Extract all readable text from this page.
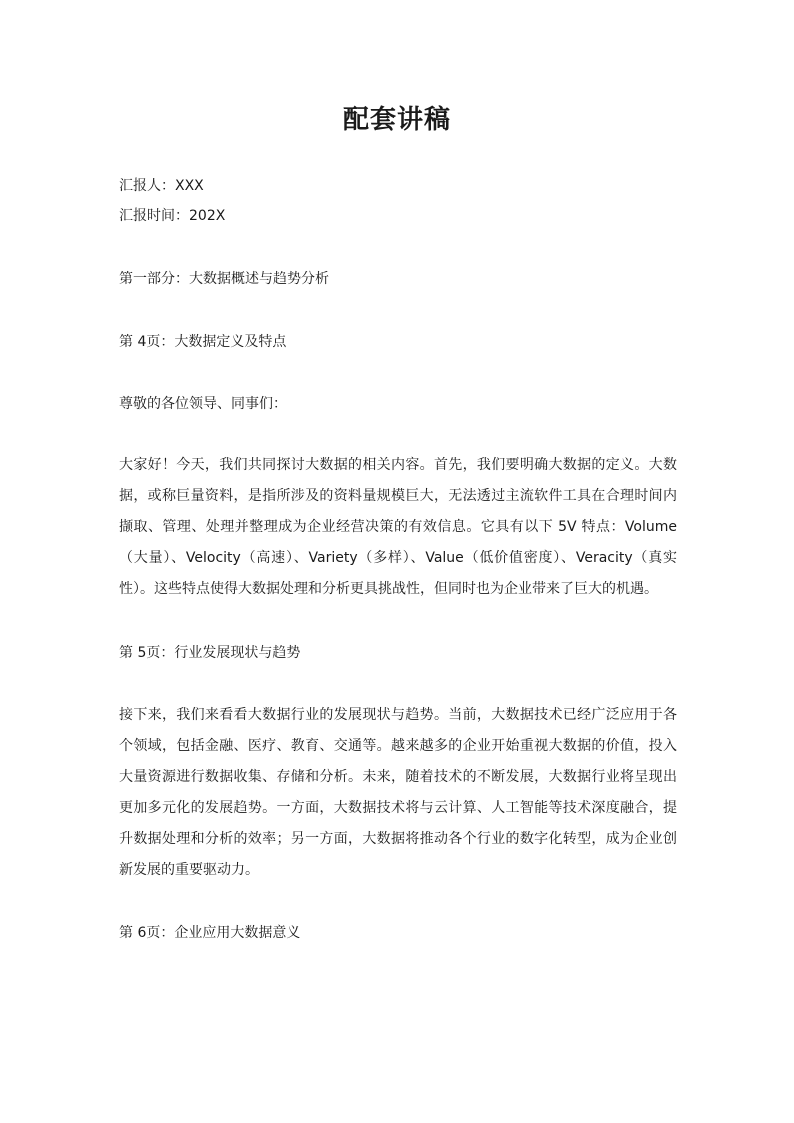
配套讲稿
汇报人：XXX
汇报时间：202X
第一部分：大数据概述与趋势分析
第 4页：大数据定义及特点
尊敬的各位领导、同事们：
大家好！今天，我们共同探讨大数据的相关内容。首先，我们要明确大数据的定义。大数据，或称巨量资料，是指所涉及的资料量规模巨大，无法透过主流软件工具在合理时间内撷取、管理、处理并整理成为企业经营决策的有效信息。它具有以下 5V 特点：Volume（大量）、Velocity（高速）、Variety（多样）、Value（低价值密度）、Veracity（真实性）。这些特点使得大数据处理和分析更具挑战性，但同时也为企业带来了巨大的机遇。
第 5页：行业发展现状与趋势
接下来，我们来看看大数据行业的发展现状与趋势。当前，大数据技术已经广泛应用于各个领域，包括金融、医疗、教育、交通等。越来越多的企业开始重视大数据的价值，投入大量资源进行数据收集、存储和分析。未来，随着技术的不断发展，大数据行业将呈现出更加多元化的发展趋势。一方面，大数据技术将与云计算、人工智能等技术深度融合，提升数据处理和分析的效率；另一方面，大数据将推动各个行业的数字化转型，成为企业创新发展的重要驱动力。
第 6页：企业应用大数据意义
